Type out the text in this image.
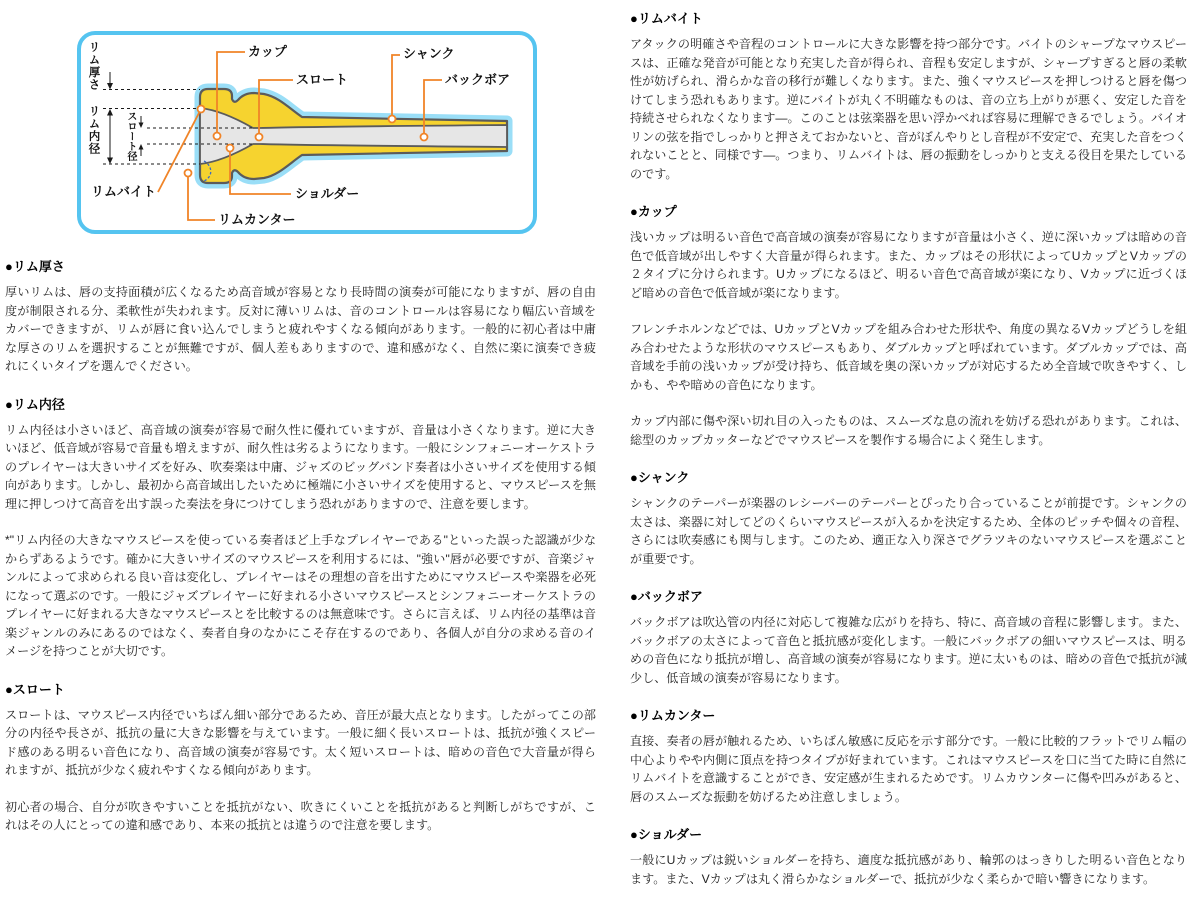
カップ
スロート
シャンク
バックボア
リムバイト
リムカンター
ショルダー
リム厚さ
リム内径	スロート径
●リム厚さ

厚いリムは、唇の支持面積が広くなるため高音域が容易となり長時間の演奏が可能になりますが、唇の自由度が制限される分、柔軟性が失われます。反対に薄いリムは、音のコントロールは容易になり幅広い音域をカバーできますが、リムが唇に食い込んでしまうと疲れやすくなる傾向があります。一般的に初心者は中庸な厚さのリムを選択することが無難ですが、個人差もありますので、違和感がなく、自然に楽に演奏でき疲れにくいタイプを選んでください。

●リム内径

リム内径は小さいほど、高音域の演奏が容易で耐久性に優れていますが、音量は小さくなります。逆に大きいほど、低音域が容易で音量も増えますが、耐久性は劣るようになります。一般にシンフォニーオーケストラのプレイヤーは大きいサイズを好み、吹奏楽は中庸、ジャズのビッグバンド奏者は小さいサイズを使用する傾向があります。しかし、最初から高音域出したいために極端に小さいサイズを使用すると、マウスピースを無理に押しつけて高音を出す誤った奏法を身につけてしまう恐れがありますので、注意を要します。

*"リム内径の大きなマウスピースを使っている奏者ほど上手なプレイヤーである"といった誤った認識が少なからずあるようです。確かに大きいサイズのマウスピースを利用するには、"強い"唇が必要ですが、音楽ジャンルによって求められる良い音は変化し、プレイヤーはその理想の音を出すためにマウスピースや楽器を必死になって選ぶのです。一般にジャズプレイヤーに好まれる小さいマウスピースとシンフォニーオーケストラのプレイヤーに好まれる大きなマウスピースとを比較するのは無意味です。さらに言えば、リム内径の基準は音楽ジャンルのみにあるのではなく、奏者自身のなかにこそ存在するのであり、各個人が自分の求める音のイメージを持つことが大切です。

●スロート

スロートは、マウスピース内径でいちばん細い部分であるため、音圧が最大点となります。したがってこの部分の内径や長さが、抵抗の量に大きな影響を与えています。一般に細く長いスロートは、抵抗が強くスピード感のある明るい音色になり、高音域の演奏が容易です。太く短いスロートは、暗めの音色で大音量が得られますが、抵抗が少なく疲れやすくなる傾向があります。

初心者の場合、自分が吹きやすいことを抵抗がない、吹きにくいことを抵抗があると判断しがちですが、これはその人にとっての違和感であり、本来の抵抗とは違うので注意を要します。

●リムバイト

アタックの明確さや音程のコントロールに大きな影響を持つ部分です。バイトのシャープなマウスピースは、正確な発音が可能となり充実した音が得られ、音程も安定しますが、シャープすぎると唇の柔軟性が妨げられ、滑らかな音の移行が難しくなります。また、強くマウスピースを押しつけると唇を傷つけてしまう恐れもあります。逆にバイトが丸く不明確なものは、音の立ち上がりが悪く、安定した音を持続させられなくなります―。このことは弦楽器を思い浮かべれば容易に理解できるでしょう。バイオリンの弦を指でしっかりと押さえておかないと、音がぼんやりとし音程が不安定で、充実した音をつくれないことと、同様です―。つまり、リムバイトは、唇の振動をしっかりと支える役目を果たしているのです。

●カップ

浅いカップは明るい音色で高音域の演奏が容易になりますが音量は小さく、逆に深いカップは暗めの音色で低音域が出しやすく大音量が得られます。また、カップはその形状によってUカップとVカップの２タイプに分けられます。Uカップになるほど、明るい音色で高音域が楽になり、Vカップに近づくほど暗めの音色で低音域が楽になります。

フレンチホルンなどでは、UカップとVカップを組み合わせた形状や、角度の異なるVカップどうしを組み合わせたような形状のマウスピースもあり、ダブルカップと呼ばれています。ダブルカップでは、高音域を手前の浅いカップが受け持ち、低音域を奥の深いカップが対応するため全音域で吹きやすく、しかも、やや暗めの音色になります。

カップ内部に傷や深い切れ目の入ったものは、スムーズな息の流れを妨げる恐れがあります。これは、総型のカップカッターなどでマウスピースを製作する場合によく発生します。

●シャンク

シャンクのテーパーが楽器のレシーバーのテーパーとぴったり合っていることが前提です。シャンクの太さは、楽器に対してどのくらいマウスピースが入るかを決定するため、全体のピッチや個々の音程、さらには吹奏感にも関与します。このため、適正な入り深さでグラツキのないマウスピースを選ぶことが重要です。

●バックボア

バックボアは吹込管の内径に対応して複雑な広がりを持ち、特に、高音域の音程に影響します。また、バックボアの太さによって音色と抵抗感が変化します。一般にバックボアの細いマウスピースは、明るめの音色になり抵抗が増し、高音域の演奏が容易になります。逆に太いものは、暗めの音色で抵抗が減少し、低音域の演奏が容易になります。

●リムカンター

直接、奏者の唇が触れるため、いちばん敏感に反応を示す部分です。一般に比較的フラットでリム幅の中心よりやや内側に頂点を持つタイプが好まれています。これはマウスピースを口に当てた時に自然にリムバイトを意識することができ、安定感が生まれるためです。リムカウンターに傷や凹みがあると、唇のスムーズな振動を妨げるため注意しましょう。

●ショルダー

一般にUカップは鋭いショルダーを持ち、適度な抵抗感があり、輪郭のはっきりした明るい音色となります。また、Vカップは丸く滑らかなショルダーで、抵抗が少なく柔らかで暗い響きになります。
